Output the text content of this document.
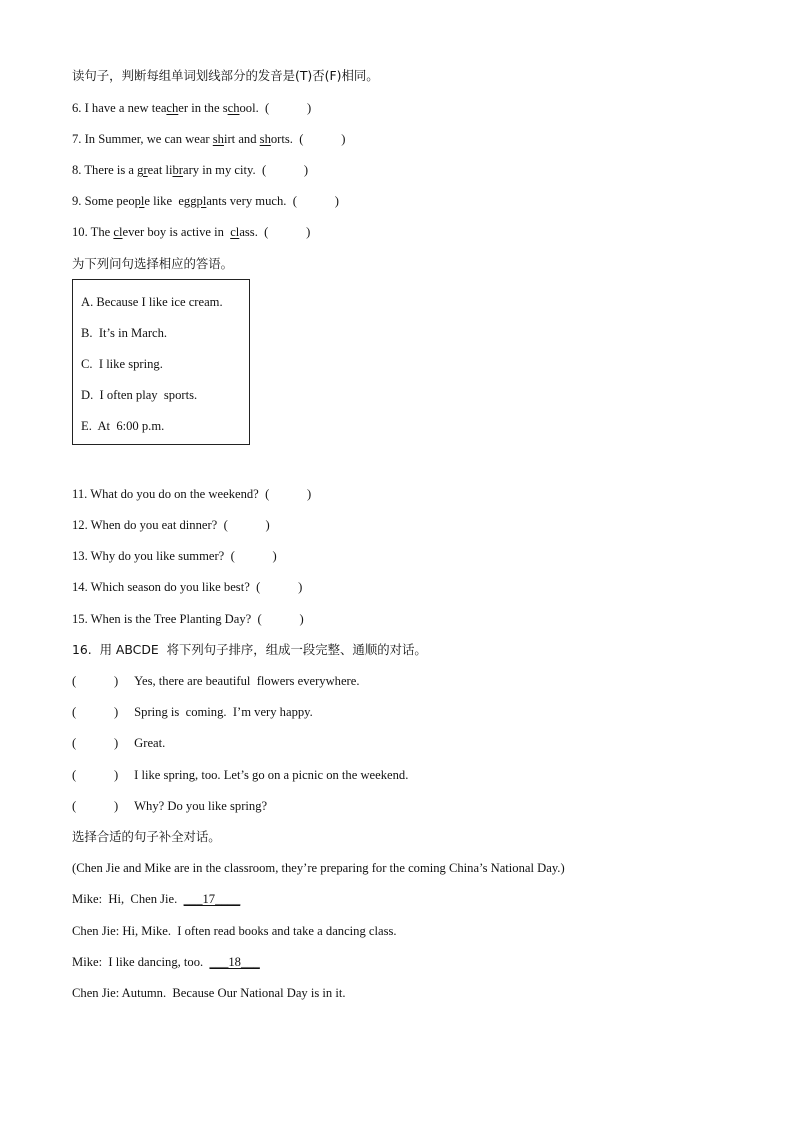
读句子，判断每组单词划线部分的发音是(T)否(F)相同。
6. I have a new teacher in the school.  (            )
7. In Summer, we can wear shirt and shorts.  (            )
8. There is a great library in my city.  (            )
9. Some people like  eggplants very much.  (            )
10. The clever boy is active in  class.  (            )
为下列问句选择相应的答语。
A. Because I like ice cream.
B.  It’s in March.
C.  I like spring.
D.  I often play  sports.
E.  At  6:00 p.m.
11. What do you do on the weekend?  (            )
12. When do you eat dinner?  (            )
13. Why do you like summer?  (            )
14. Which season do you like best?  (            )
15. When is the Tree Planting Day?  (            )
16.  用 ABCDE  将下列句子排序，组成一段完整、通顺的对话。
(            ) Yes, there are beautiful  flowers everywhere.
(            ) Spring is  coming.  I’m very happy.
(            ) Great.
(            ) I like spring, too. Let’s go on a picnic on the weekend.
(            ) Why? Do you like spring?
选择合适的句子补全对话。
(Chen Jie and Mike are in the classroom, they’re preparing for the coming China’s National Day.)
Mike:  Hi,  Chen Jie.  ___17____
Chen Jie: Hi, Mike.  I often read books and take a dancing class.
Mike:  I like dancing, too.  ___18___
Chen Jie: Autumn.  Because Our National Day is in it.
